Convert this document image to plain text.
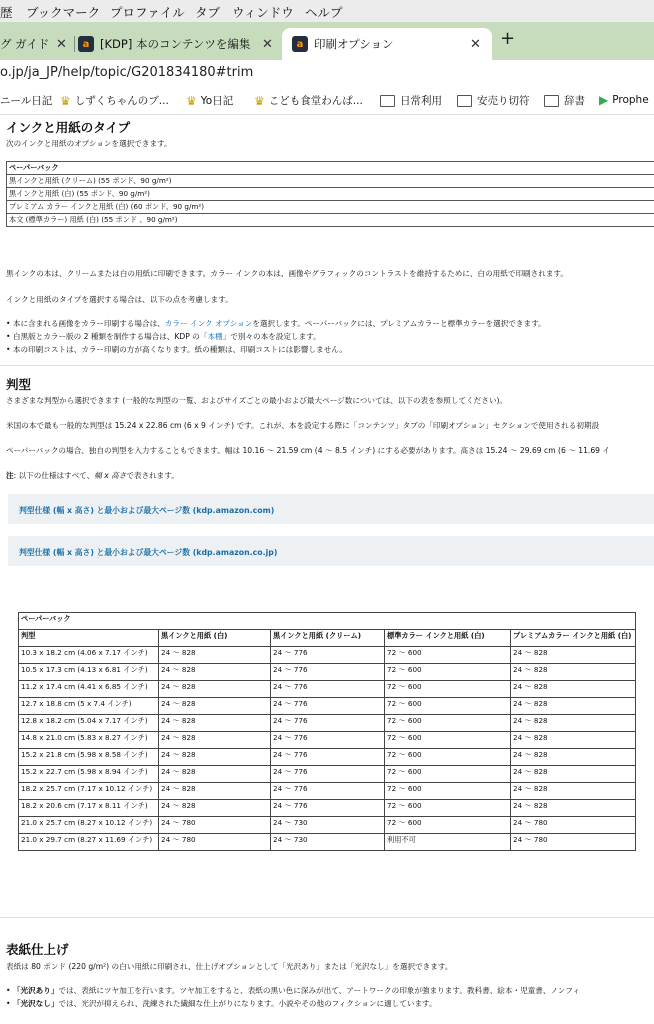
歴 ブックマーク プロファイル タブ ウィンドウ ヘルプ
グ ガイド ✕	a [KDP] 本のコンテンツを編集 ✕	a 印刷オプション	✕ +
o.jp/ja_JP/help/topic/G201834180#trim
ニール日記 ♛ しずくちゃんのブ... ♛ Yo日記 ♛ こども食堂わんぱ...	日常利用	安売り切符	辞書 ▶ Prophe
インクと用紙のタイプ
次のインクと用紙のオプションを選択できます。
ペーパーバック
黒インクと用紙 (クリーム) (55 ポンド、90 g/m²)
黒インクと用紙 (白) (55 ポンド、90 g/m²)
プレミアム カラー インクと用紙 (白) (60 ポンド、90 g/m²)
本文 (標準カラー) 用紙 (白) (55 ポンド 、90 g/m²)
黒インクの本は、クリームまたは白の用紙に印刷できます。カラー インクの本は、画像やグラフィックのコントラストを維持するために、白の用紙で印刷されます。
インクと用紙のタイプを選択する場合は、以下の点を考慮します。
• 本に含まれる画像をカラー印刷する場合は、カラー インク オプションを選択します。ペーパーバックには、プレミアムカラーと標準カラーを選択できます。
• 白黒版とカラー版の 2 種類を制作する場合は、KDP の「本棚」で別々の本を設定します。
• 本の印刷コストは、カラー印刷の方が高くなります。紙の種類は、印刷コストには影響しません。
判型
さまざまな判型から選択できます (一般的な判型の一覧、およびサイズごとの最小および最大ページ数については、以下の表を参照してください)。
米国の本で最も一般的な判型は 15.24 x 22.86 cm (6 x 9 インチ) です。これが、本を設定する際に「コンテンツ」タブの「印刷オプション」セクションで使用される初期設
ペーパーバックの場合、独自の判型を入力することもできます。幅は 10.16 ～ 21.59 cm (4 ～ 8.5 インチ) にする必要があります。高さは 15.24 ～ 29.69 cm (6 ～ 11.69 イ
注: 以下の仕様はすべて、幅 x 高さで表されます。
判型仕様 (幅 x 高さ) と最小および最大ページ数 (kdp.amazon.com)
判型仕様 (幅 x 高さ) と最小および最大ページ数 (kdp.amazon.co.jp)
ペーパーバック				
判型	黒インクと用紙 (白)	黒インクと用紙 (クリーム)	標準カラー インクと用紙 (白)	プレミアムカラー インクと用紙 (白)
10.3 x 18.2 cm (4.06 x 7.17 インチ)	24 ～ 828	24 ～ 776	72 ～ 600	24 ～ 828
10.5 x 17.3 cm (4.13 x 6.81 インチ)	24 ～ 828	24 ～ 776	72 ～ 600	24 ～ 828
11.2 x 17.4 cm (4.41 x 6.85 インチ)	24 ～ 828	24 ～ 776	72 ～ 600	24 ～ 828
12.7 x 18.8 cm (5 x 7.4 インチ)	24 ～ 828	24 ～ 776	72 ～ 600	24 ～ 828
12.8 x 18.2 cm (5.04 x 7.17 インチ)	24 ～ 828	24 ～ 776	72 ～ 600	24 ～ 828
14.8 x 21.0 cm (5.83 x 8.27 インチ)	24 ～ 828	24 ～ 776	72 ～ 600	24 ～ 828
15.2 x 21.8 cm (5.98 x 8.58 インチ)	24 ～ 828	24 ～ 776	72 ～ 600	24 ～ 828
15.2 x 22.7 cm (5.98 x 8.94 インチ)	24 ～ 828	24 ～ 776	72 ～ 600	24 ～ 828
18.2 x 25.7 cm (7.17 x 10.12 インチ)	24 ～ 828	24 ～ 776	72 ～ 600	24 ～ 828
18.2 x 20.6 cm (7.17 x 8.11 インチ)	24 ～ 828	24 ～ 776	72 ～ 600	24 ～ 828
21.0 x 25.7 cm (8.27 x 10.12 インチ)	24 ～ 780	24 ～ 730	72 ～ 600	24 ～ 780
21.0 x 29.7 cm (8.27 x 11.69 インチ)	24 ～ 780	24 ～ 730	利用不可	24 ～ 780
表紙仕上げ
表紙は 80 ポンド (220 g/m²) の白い用紙に印刷され、仕上げオプションとして「光沢あり」または「光沢なし」を選択できます。
• 「光沢あり」では、表紙にツヤ加工を行います。ツヤ加工をすると、表紙の黒い色に深みが出て、アートワークの印象が強まります。教科書、絵本・児童書、ノンフィ
• 「光沢なし」では、光沢が抑えられ、洗練された繊細な仕上がりになります。小説やその他のフィクションに適しています。
